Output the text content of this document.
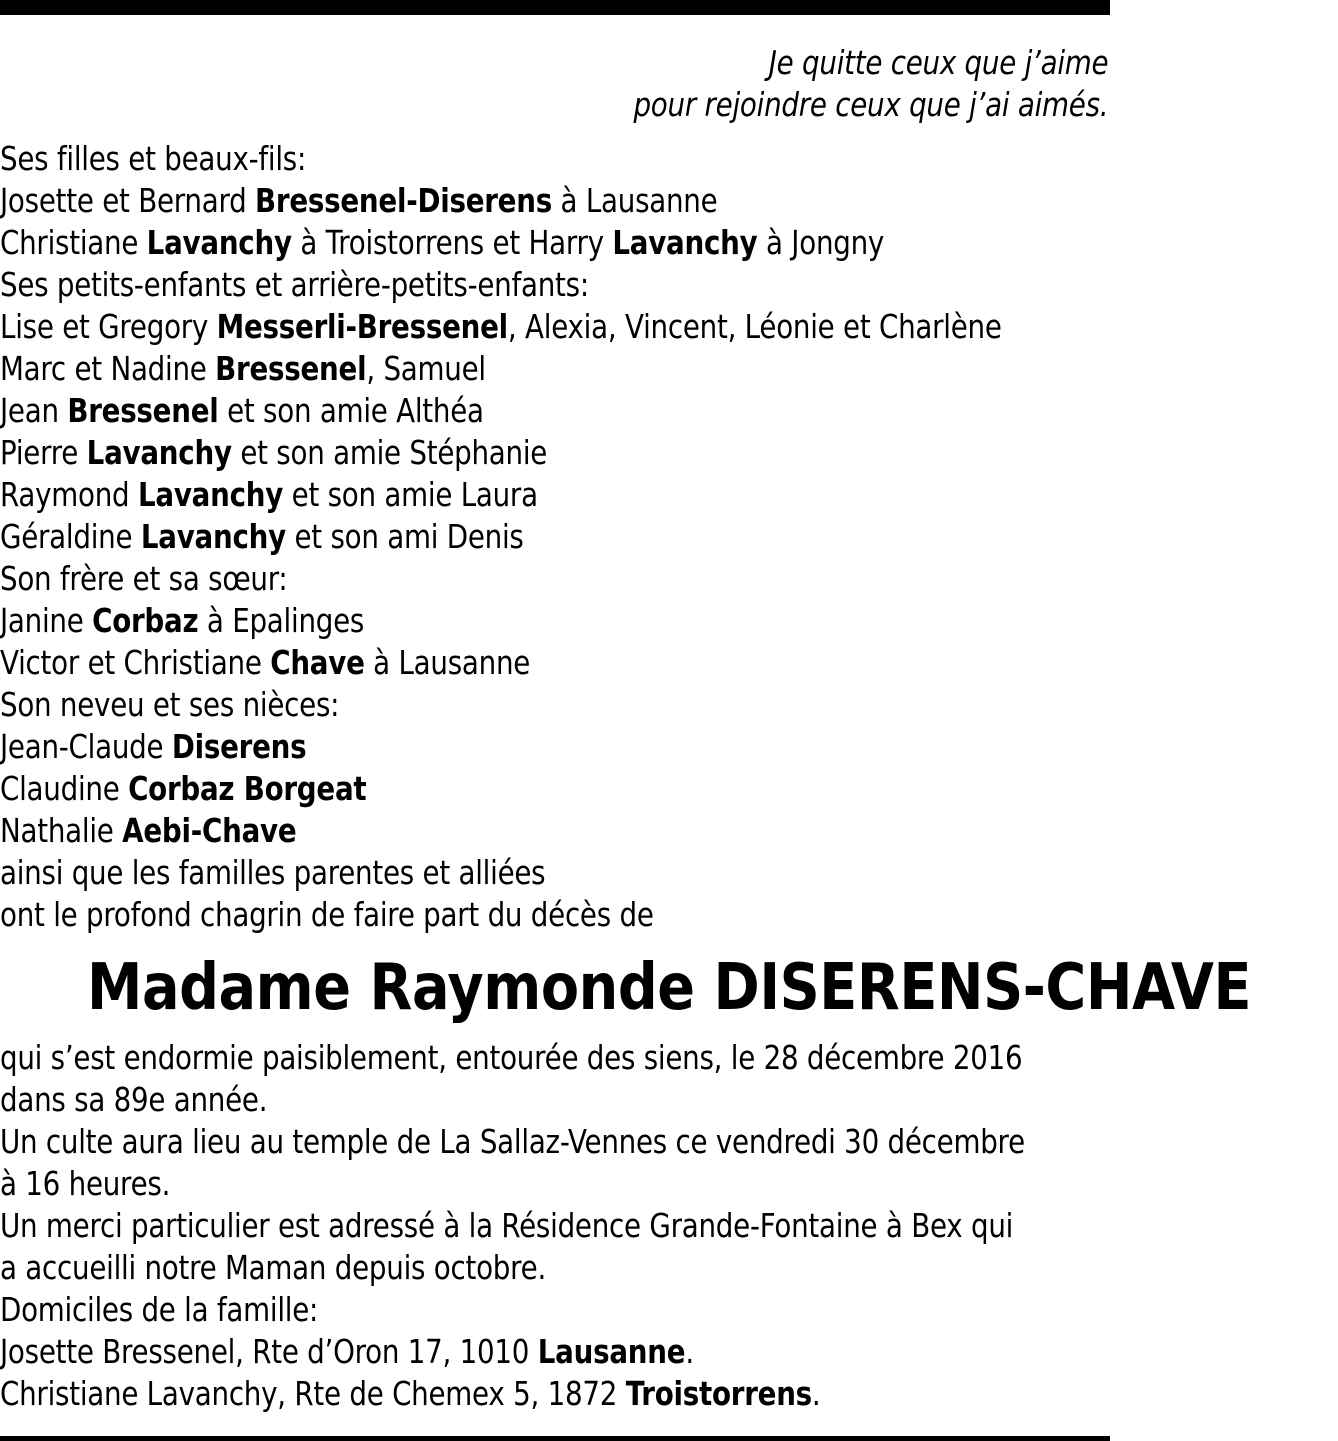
Je quitte ceux que j’aime
pour rejoindre ceux que j’ai aimés.
Ses filles et beaux-fils:
Josette et Bernard Bressenel-Diserens à Lausanne
Christiane Lavanchy à Troistorrens et Harry Lavanchy à Jongny
Ses petits-enfants et arrière-petits-enfants:
Lise et Gregory Messerli-Bressenel, Alexia, Vincent, Léonie et Charlène
Marc et Nadine Bressenel, Samuel
Jean Bressenel et son amie Althéa
Pierre Lavanchy et son amie Stéphanie
Raymond Lavanchy et son amie Laura
Géraldine Lavanchy et son ami Denis
Son frère et sa sœur:
Janine Corbaz à Epalinges
Victor et Christiane Chave à Lausanne
Son neveu et ses nièces:
Jean-Claude Diserens
Claudine Corbaz Borgeat
Nathalie Aebi-Chave
ainsi que les familles parentes et alliées
ont le profond chagrin de faire part du décès de
Madame Raymonde DISERENS-CHAVE
qui s’est endormie paisiblement, entourée des siens, le 28 décembre 2016
dans sa 89e année.
Un culte aura lieu au temple de La Sallaz-Vennes ce vendredi 30 décembre
à 16 heures.
Un merci particulier est adressé à la Résidence Grande-Fontaine à Bex qui
a accueilli notre Maman depuis octobre.
Domiciles de la famille:
Josette Bressenel, Rte d’Oron 17, 1010 Lausanne.
Christiane Lavanchy, Rte de Chemex 5, 1872 Troistorrens.
